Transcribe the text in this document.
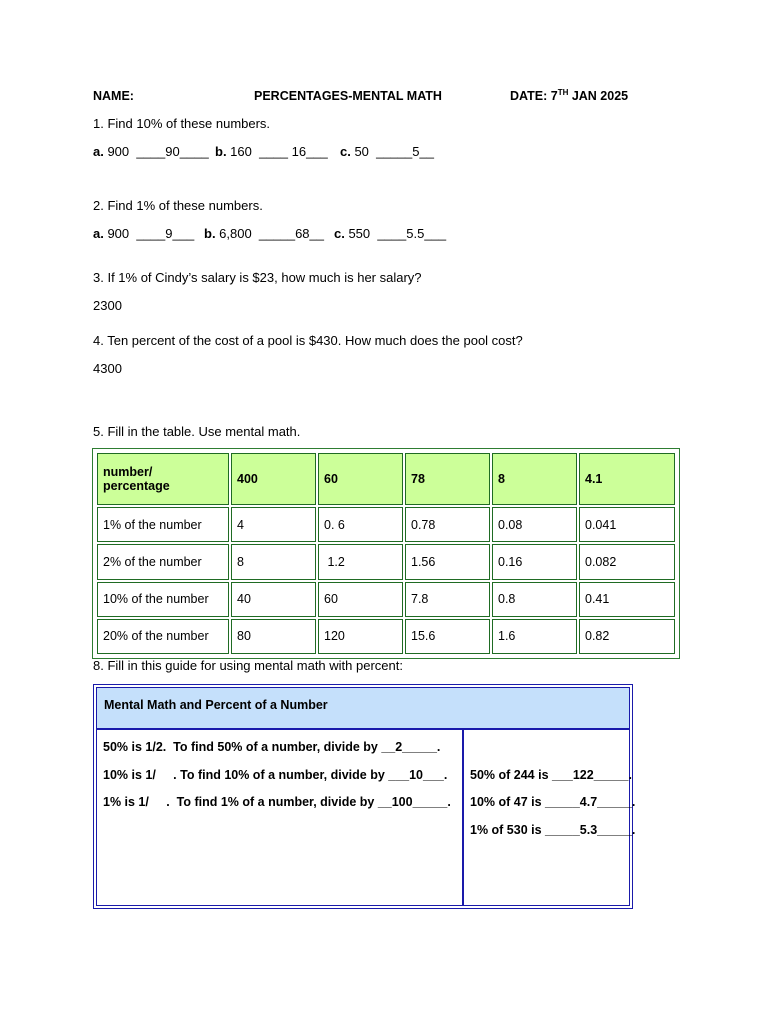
NAME:	PERCENTAGES-MENTAL MATH	DATE: 7TH JAN 2025
1. Find 10% of these numbers.
a. 900  ____90____ b. 160  ____ 16___ c. 50  _____5__
2. Find 1% of these numbers.
a. 900  ____9___ b. 6,800  _____68__ c. 550  ____5.5___
3. If 1% of Cindy’s salary is $23, how much is her salary?
2300
4. Ten percent of the cost of a pool is $430. How much does the pool cost?
4300
5. Fill in the table. Use mental math.
number/
percentage	400	60	78	8	4.1
1% of the number	4	0. 6	0.78	0.08	0.041
2% of the number	8	1.2	1.56	0.16	0.082
10% of the number	40	60	7.8	0.8	0.41
20% of the number	80	120	15.6	1.6	0.82
8. Fill in this guide for using mental math with percent:
Mental Math and Percent of a Number
50% is 1/2.  To find 50% of a number, divide by __2_____.
10% is 1/     . To find 10% of a number, divide by ___10___.
1% is 1/     .  To find 1% of a number, divide by __100_____.
50% of 244 is ___122_____.
10% of 47 is _____4.7_____.
1% of 530 is _____5.3_____.
